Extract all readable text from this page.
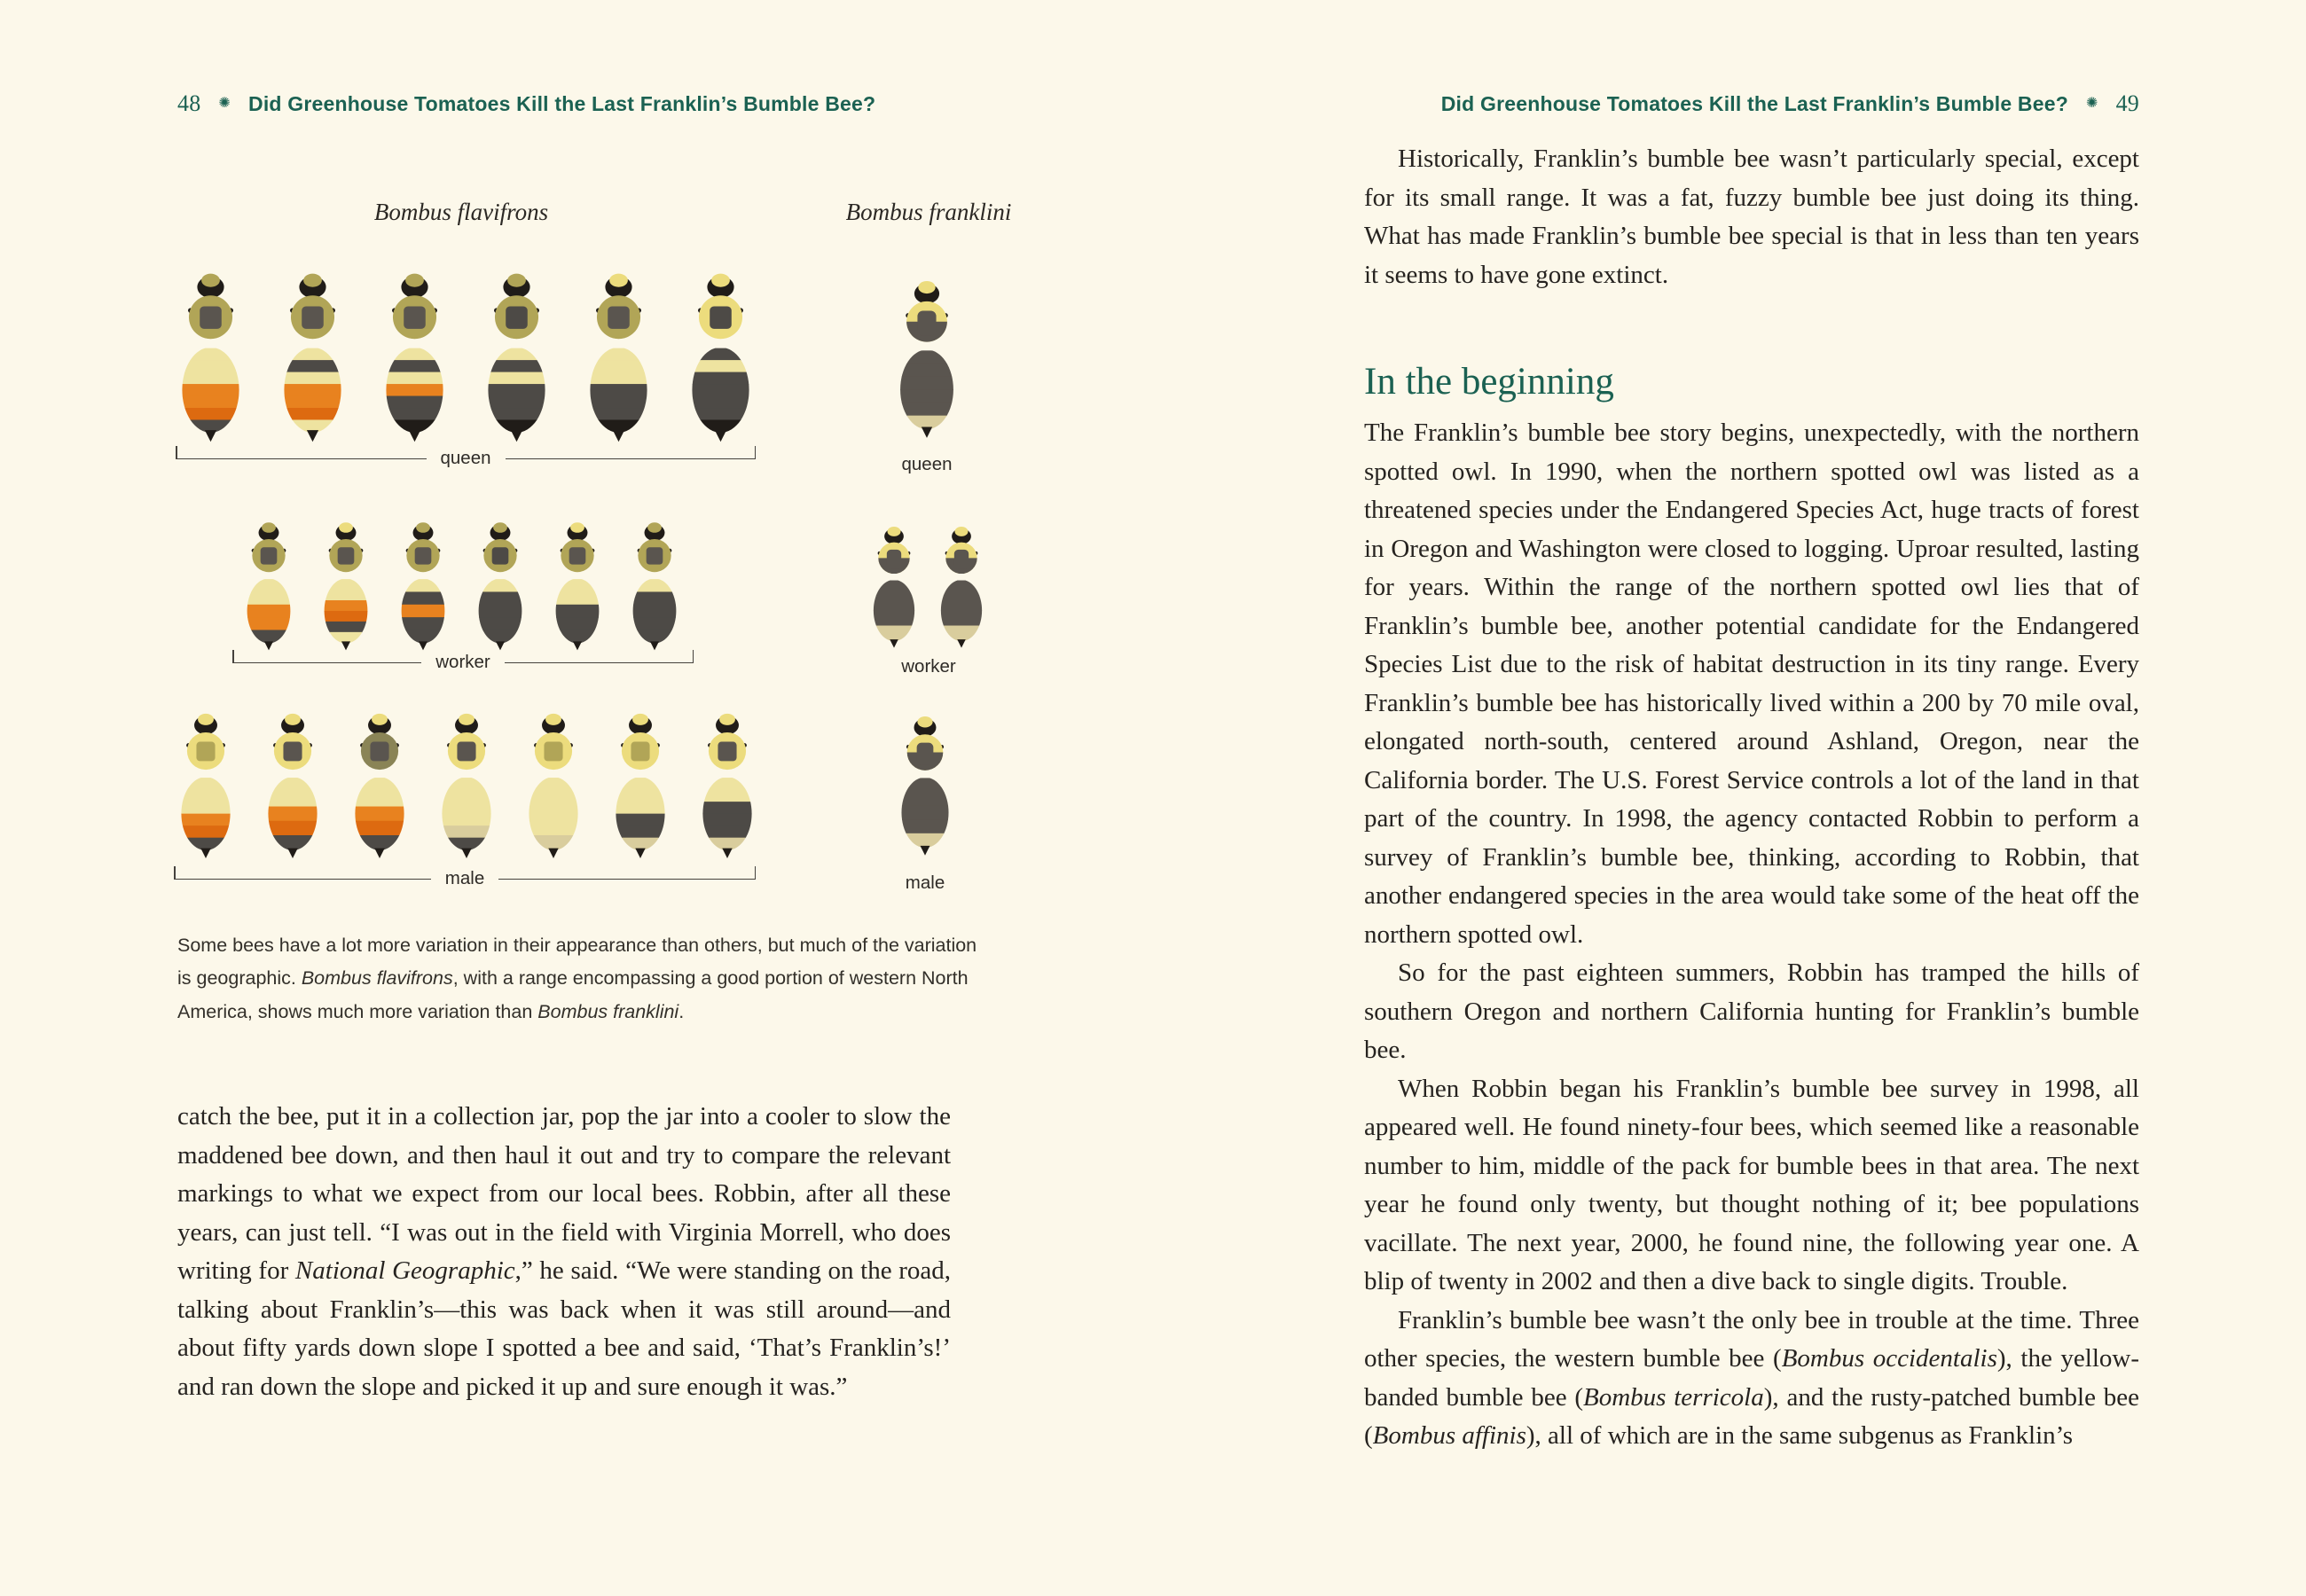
48 ✺ Did Greenhouse Tomatoes Kill the Last Franklin’s Bumble Bee?	Did Greenhouse Tomatoes Kill the Last Franklin’s Bumble Bee? ✺ 49
Bombus flavifrons	Bombus franklini
queen	queen
worker	worker
male	male
Some bees have a lot more variation in their appearance than others, but much of the variation is geographic. Bombus flavifrons, with a range encompassing a good portion of western North America, shows much more variation than Bombus franklini.

catch the bee, put it in a collection jar, pop the jar into a cooler to slow the maddened bee down, and then haul it out and try to compare the relevant markings to what we expect from our local bees. Robbin, after all these years, can just tell. “I was out in the field with Virginia Morrell, who does writing for National Geographic,” he said. “We were standing on the road, talking about Franklin’s—this was back when it was still around—and about fifty yards down slope I spotted a bee and said, ‘That’s Franklin’s!’ and ran down the slope and picked it up and sure enough it was.”

Historically, Franklin’s bumble bee wasn’t particularly special, except for its small range. It was a fat, fuzzy bumble bee just doing its thing. What has made Franklin’s bumble bee special is that in less than ten years it seems to have gone extinct.

In the beginning

The Franklin’s bumble bee story begins, unexpectedly, with the northern spotted owl. In 1990, when the northern spotted owl was listed as a threatened species under the Endangered Species Act, huge tracts of forest in Oregon and Washington were closed to logging. Uproar resulted, lasting for years. Within the range of the northern spotted owl lies that of Franklin’s bumble bee, another potential candidate for the Endangered Species List due to the risk of habitat destruction in its tiny range. Every Franklin’s bumble bee has historically lived within a 200 by 70 mile oval, elongated north-south, centered around Ashland, Oregon, near the California border. The U.S. Forest Service controls a lot of the land in that part of the country. In 1998, the agency contacted Robbin to perform a survey of Franklin’s bumble bee, thinking, according to Robbin, that another endangered species in the area would take some of the heat off the northern spotted owl.

So for the past eighteen summers, Robbin has tramped the hills of southern Oregon and northern California hunting for Franklin’s bumble bee.

When Robbin began his Franklin’s bumble bee survey in 1998, all appeared well. He found ninety-four bees, which seemed like a reasonable number to him, middle of the pack for bumble bees in that area. The next year he found only twenty, but thought nothing of it; bee populations vacillate. The next year, 2000, he found nine, the following year one. A blip of twenty in 2002 and then a dive back to single digits. Trouble.

Franklin’s bumble bee wasn’t the only bee in trouble at the time. Three other species, the western bumble bee (Bombus occidentalis), the yellow-banded bumble bee (Bombus terricola), and the rusty-patched bumble bee (Bombus affinis), all of which are in the same subgenus as Franklin’s
